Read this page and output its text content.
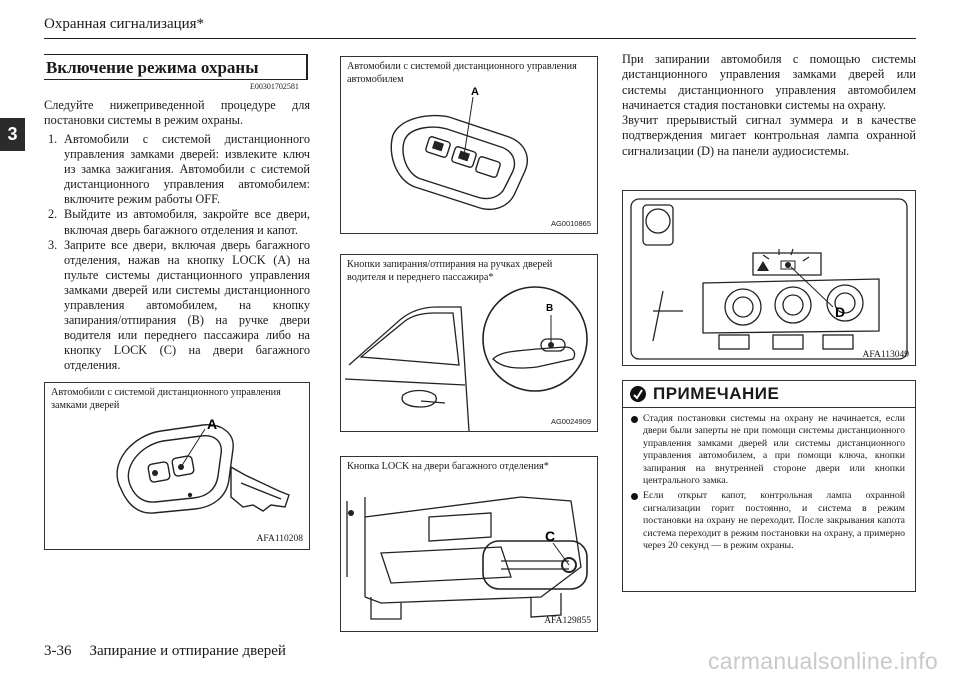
Охранная сигнализация*
3
Включение режима охраны
E00301702581
Следуйте нижеприведенной процедуре для постановки системы в режим охраны.
1. Автомобили с системой дистанционного управления замками дверей: извлеките ключ из замка зажигания. Автомобили с системой дистанционного управления автомобилем: включите режим работы OFF.
2. Выйдите из автомобиля, закройте все двери, включая дверь багажного отделения и капот.
3. Заприте все двери, включая дверь багажного отделения, нажав на кнопку LOCK (A) на пульте системы дистанционного управления замками дверей или системы дистанционного управления автомобилем, на кнопку запирания/отпирания (B) на ручке двери водителя или переднего пассажира либо на кнопку LOCK (C) на двери багажного отделения.
Автомобили с системой дистанционного управления замками дверей
A
AFA110208
Автомобили с системой дистанционного управления автомобилем
A
AG0010865
Кнопки запирания/отпирания на ручках дверей водителя и переднего пассажира*
B
AG0024909
Кнопка LOCK на двери багажного отделения*
C
AFA129855

При запирании автомобиля с помощью системы дистанционного управления замками дверей или системы дистанционного управления автомобилем начинается стадия постановки системы на охрану.

Звучит прерывистый сигнал зуммера и в качестве подтверждения мигает контрольная лампа охранной сигнализации (D) на панели аудиосистемы.

D
AFA113049
ПРИМЕЧАНИЕ
Стадия постановки системы на охрану не начинается, если двери были заперты не при помощи системы дистанционного управления замками дверей или системы дистанционного управления автомобилем, а при помощи ключа, кнопки запирания на внутренней стороне двери или кнопки центрального замка.
Если открыт капот, контрольная лампа охранной сигнализации горит постоянно, и система в режим постановки на охрану не переходит. После закрывания капота система переходит в режим постановки на охрану, а примерно через 20 секунд — в режим охраны.
3-36 Запирание и отпирание дверей	carmanualsonline.info
